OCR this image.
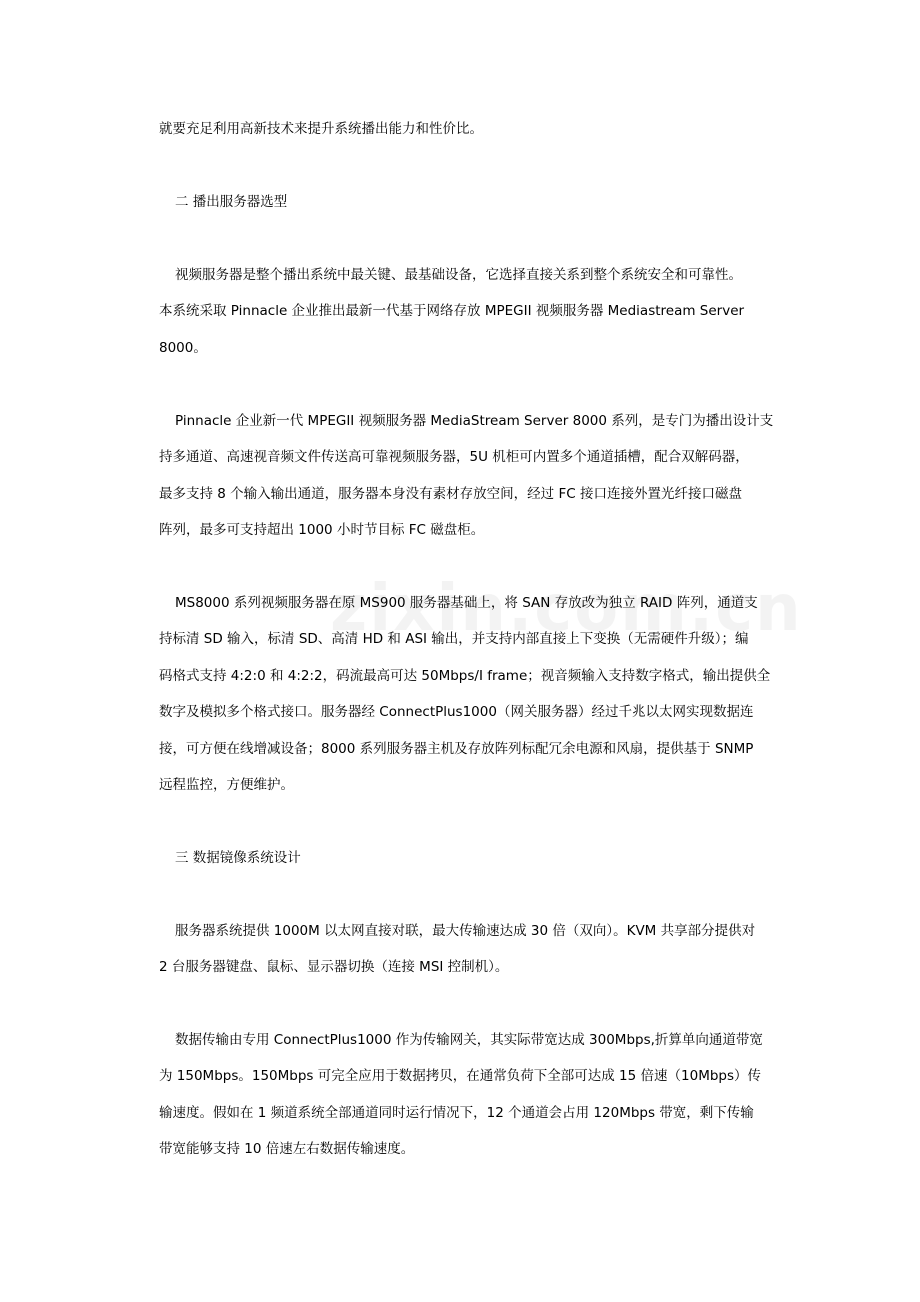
就要充足利用高新技术来提升系统播出能力和性价比。
二 播出服务器选型
视频服务器是整个播出系统中最关键、最基础设备，它选择直接关系到整个系统安全和可靠性。
本系统采取 Pinnacle 企业推出最新一代基于网络存放 MPEGII 视频服务器 Mediastream Server
8000。
Pinnacle 企业新一代 MPEGII 视频服务器 MediaStream Server 8000 系列，是专门为播出设计支
持多通道、高速视音频文件传送高可靠视频服务器，5U 机柜可内置多个通道插槽，配合双解码器，
最多支持 8 个输入输出通道，服务器本身没有素材存放空间，经过 FC 接口连接外置光纤接口磁盘
阵列，最多可支持超出 1000 小时节目标 FC 磁盘柜。
MS8000 系列视频服务器在原 MS900 服务器基础上，将 SAN 存放改为独立 RAID 阵列，通道支
持标清 SD 输入，标清 SD、高清 HD 和 ASI 输出，并支持内部直接上下变换（无需硬件升级）；编
码格式支持 4:2:0 和 4:2:2，码流最高可达 50Mbps/I frame；视音频输入支持数字格式，输出提供全
数字及模拟多个格式接口。服务器经 ConnectPlus1000（网关服务器）经过千兆以太网实现数据连
接，可方便在线增减设备；8000 系列服务器主机及存放阵列标配冗余电源和风扇，提供基于 SNMP
远程监控，方便维护。
三 数据镜像系统设计
服务器系统提供 1000M 以太网直接对联，最大传输速达成 30 倍（双向）。KVM 共享部分提供对
2 台服务器键盘、鼠标、显示器切换（连接 MSI 控制机）。
数据传输由专用 ConnectPlus1000 作为传输网关，其实际带宽达成 300Mbps,折算单向通道带宽
为 150Mbps。150Mbps 可完全应用于数据拷贝，在通常负荷下全部可达成 15 倍速（10Mbps）传
输速度。假如在 1 频道系统全部通道同时运行情况下，12 个通道会占用 120Mbps 带宽，剩下传输
带宽能够支持 10 倍速左右数据传输速度。
